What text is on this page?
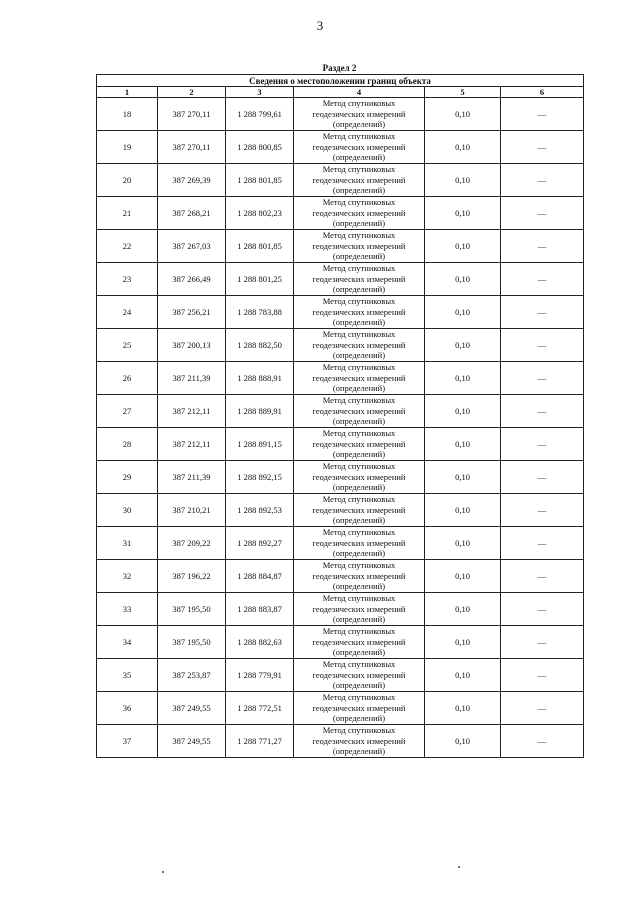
3
Раздел 2
Сведения о местоположении границ объекта					
1	2	3	4	5	6
18	387 270,11	1 288 799,61	Метод спутниковых
геодезических измерений
(определений)	0,10	—
19	387 270,11	1 288 800,85	Метод спутниковых
геодезических измерений
(определений)	0,10	—
20	387 269,39	1 288 801,85	Метод спутниковых
геодезических измерений
(определений)	0,10	—
21	387 268,21	1 288 802,23	Метод спутниковых
геодезических измерений
(определений)	0,10	—
22	387 267,03	1 288 801,85	Метод спутниковых
геодезических измерений
(определений)	0,10	—
23	387 266,49	1 288 801,25	Метод спутниковых
геодезических измерений
(определений)	0,10	—
24	387 256,21	1 288 783,88	Метод спутниковых
геодезических измерений
(определений)	0,10	—
25	387 200,13	1 288 882,50	Метод спутниковых
геодезических измерений
(определений)	0,10	—
26	387 211,39	1 288 888,91	Метод спутниковых
геодезических измерений
(определений)	0,10	—
27	387 212,11	1 288 889,91	Метод спутниковых
геодезических измерений
(определений)	0,10	—
28	387 212,11	1 288 891,15	Метод спутниковых
геодезических измерений
(определений)	0,10	—
29	387 211,39	1 288 892,15	Метод спутниковых
геодезических измерений
(определений)	0,10	—
30	387 210,21	1 288 892,53	Метод спутниковых
геодезических измерений
(определений)	0,10	—
31	387 209,22	1 288 892,27	Метод спутниковых
геодезических измерений
(определений)	0,10	—
32	387 196,22	1 288 884,87	Метод спутниковых
геодезических измерений
(определений)	0,10	—
33	387 195,50	1 288 883,87	Метод спутниковых
геодезических измерений
(определений)	0,10	—
34	387 195,50	1 288 882,63	Метод спутниковых
геодезических измерений
(определений)	0,10	—
35	387 253,87	1 288 779,91	Метод спутниковых
геодезических измерений
(определений)	0,10	—
36	387 249,55	1 288 772,51	Метод спутниковых
геодезических измерений
(определений)	0,10	—
37	387 249,55	1 288 771,27	Метод спутниковых
геодезических измерений
(определений)	0,10	—
